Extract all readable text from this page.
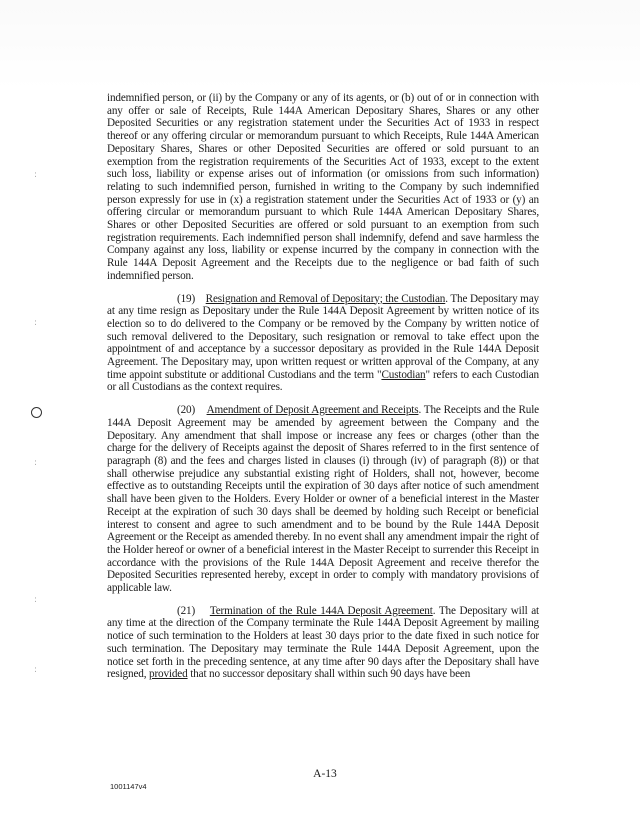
:
:
:
:
:

indemnified person, or (ii) by the Company or any of its agents, or (b) out of or in connection with any offer or sale of Receipts, Rule 144A American Depositary Shares, Shares or any other Deposited Securities or any registration statement under the Securities Act of 1933 in respect thereof or any offering circular or memorandum pursuant to which Receipts, Rule 144A American Depositary Shares, Shares or other Deposited Securities are offered or sold pursuant to an exemption from the registration requirements of the Securities Act of 1933, except to the extent such loss, liability or expense arises out of information (or omissions from such information) relating to such indemnified person, furnished in writing to the Company by such indemnified person expressly for use in (x) a registration statement under the Securities Act of 1933 or (y) an offering circular or memorandum pursuant to which Rule 144A American Depositary Shares, Shares or other Deposited Securities are offered or sold pursuant to an exemption from such registration requirements. Each indemnified person shall indemnify, defend and save harmless the Company against any loss, liability or expense incurred by the company in connection with the Rule 144A Deposit Agreement and the Receipts due to the negligence or bad faith of such indemnified person.

(19) Resignation and Removal of Depositary; the Custodian. The Depositary may at any time resign as Depositary under the Rule 144A Deposit Agreement by written notice of its election so to do delivered to the Company or be removed by the Company by written notice of such removal delivered to the Depositary, such resignation or removal to take effect upon the appointment of and acceptance by a successor depositary as provided in the Rule 144A Deposit Agreement. The Depositary may, upon written request or written approval of the Company, at any time appoint substitute or additional Custodians and the term "Custodian" refers to each Custodian or all Custodians as the context requires.

(20) Amendment of Deposit Agreement and Receipts. The Receipts and the Rule 144A Deposit Agreement may be amended by agreement between the Company and the Depositary. Any amendment that shall impose or increase any fees or charges (other than the charge for the delivery of Receipts against the deposit of Shares referred to in the first sentence of paragraph (8) and the fees and charges listed in clauses (i) through (iv) of paragraph (8)) or that shall otherwise prejudice any substantial existing right of Holders, shall not, however, become effective as to outstanding Receipts until the expiration of 30 days after notice of such amendment shall have been given to the Holders. Every Holder or owner of a beneficial interest in the Master Receipt at the expiration of such 30 days shall be deemed by holding such Receipt or beneficial interest to consent and agree to such amendment and to be bound by the Rule 144A Deposit Agreement or the Receipt as amended thereby. In no event shall any amendment impair the right of the Holder hereof or owner of a beneficial interest in the Master Receipt to surrender this Receipt in accordance with the provisions of the Rule 144A Deposit Agreement and receive therefor the Deposited Securities represented hereby, except in order to comply with mandatory provisions of applicable law.

(21) Termination of the Rule 144A Deposit Agreement. The Depositary will at any time at the direction of the Company terminate the Rule 144A Deposit Agreement by mailing notice of such termination to the Holders at least 30 days prior to the date fixed in such notice for such termination. The Depositary may terminate the Rule 144A Deposit Agreement, upon the notice set forth in the preceding sentence, at any time after 90 days after the Depositary shall have resigned, provided that no successor depositary shall within such 90 days have been

A-13
1001147v4
